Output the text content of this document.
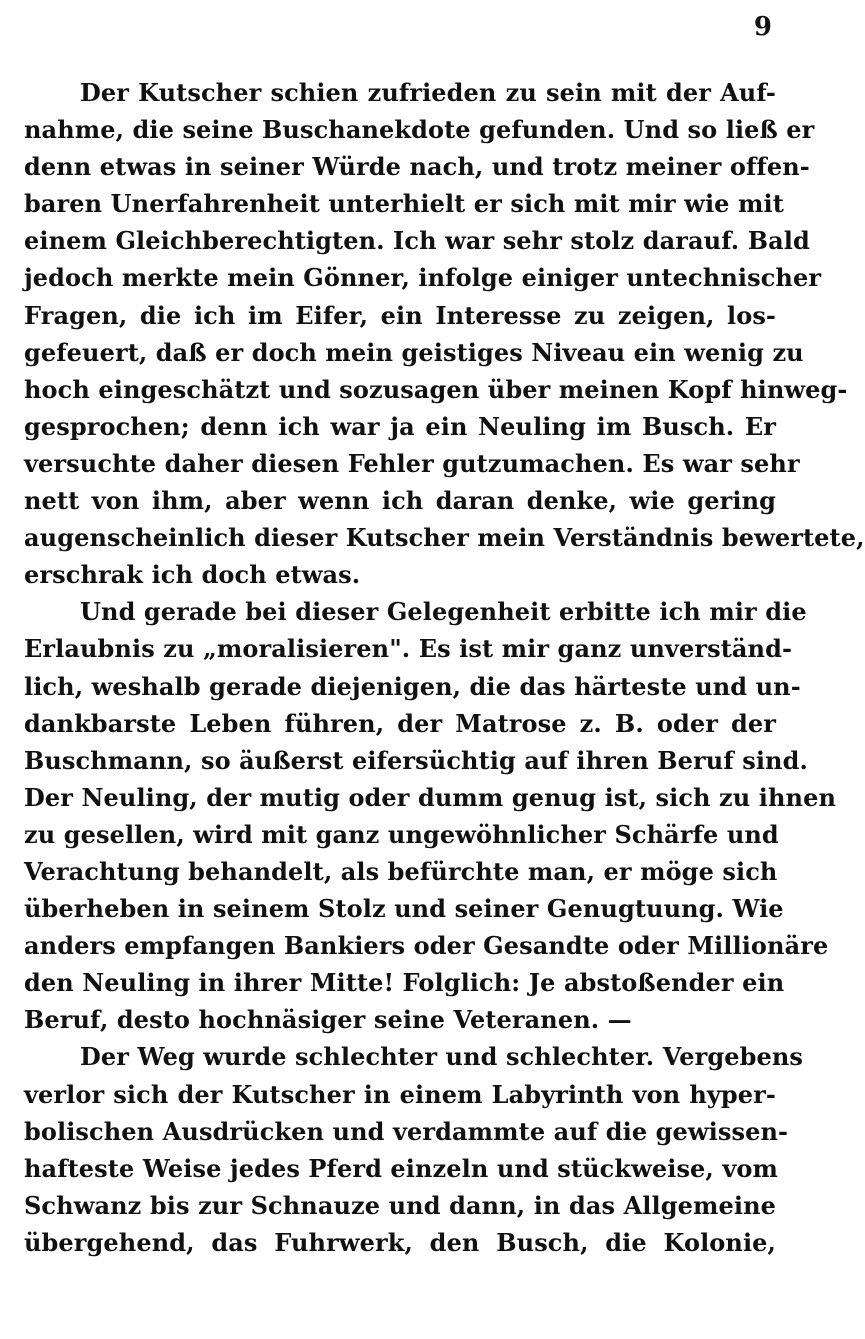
9
Der Kutscher schien zufrieden zu sein mit der Auf-
nahme, die seine Buschanekdote gefunden. Und so ließ er
denn etwas in seiner Würde nach, und trotz meiner offen-
baren Unerfahrenheit unterhielt er sich mit mir wie mit
einem Gleichberechtigten. Ich war sehr stolz darauf. Bald
jedoch merkte mein Gönner, infolge einiger untechnischer
Fragen, die ich im Eifer, ein Interesse zu zeigen, los-
gefeuert, daß er doch mein geistiges Niveau ein wenig zu
hoch eingeschätzt und sozusagen über meinen Kopf hinweg-
gesprochen; denn ich war ja ein Neuling im Busch. Er
versuchte daher diesen Fehler gutzumachen. Es war sehr
nett von ihm, aber wenn ich daran denke, wie gering
augenscheinlich dieser Kutscher mein Verständnis bewertete,
erschrak ich doch etwas.
Und gerade bei dieser Gelegenheit erbitte ich mir die
Erlaubnis zu „moralisieren". Es ist mir ganz unverständ-
lich, weshalb gerade diejenigen, die das härteste und un-
dankbarste Leben führen, der Matrose z. B. oder der
Buschmann, so äußerst eifersüchtig auf ihren Beruf sind.
Der Neuling, der mutig oder dumm genug ist, sich zu ihnen
zu gesellen, wird mit ganz ungewöhnlicher Schärfe und
Verachtung behandelt, als befürchte man, er möge sich
überheben in seinem Stolz und seiner Genugtuung. Wie
anders empfangen Bankiers oder Gesandte oder Millionäre
den Neuling in ihrer Mitte! Folglich: Je abstoßender ein
Beruf, desto hochnäsiger seine Veteranen. —
Der Weg wurde schlechter und schlechter. Vergebens
verlor sich der Kutscher in einem Labyrinth von hyper-
bolischen Ausdrücken und verdammte auf die gewissen-
hafteste Weise jedes Pferd einzeln und stückweise, vom
Schwanz bis zur Schnauze und dann, in das Allgemeine
übergehend, das Fuhrwerk, den Busch, die Kolonie,
